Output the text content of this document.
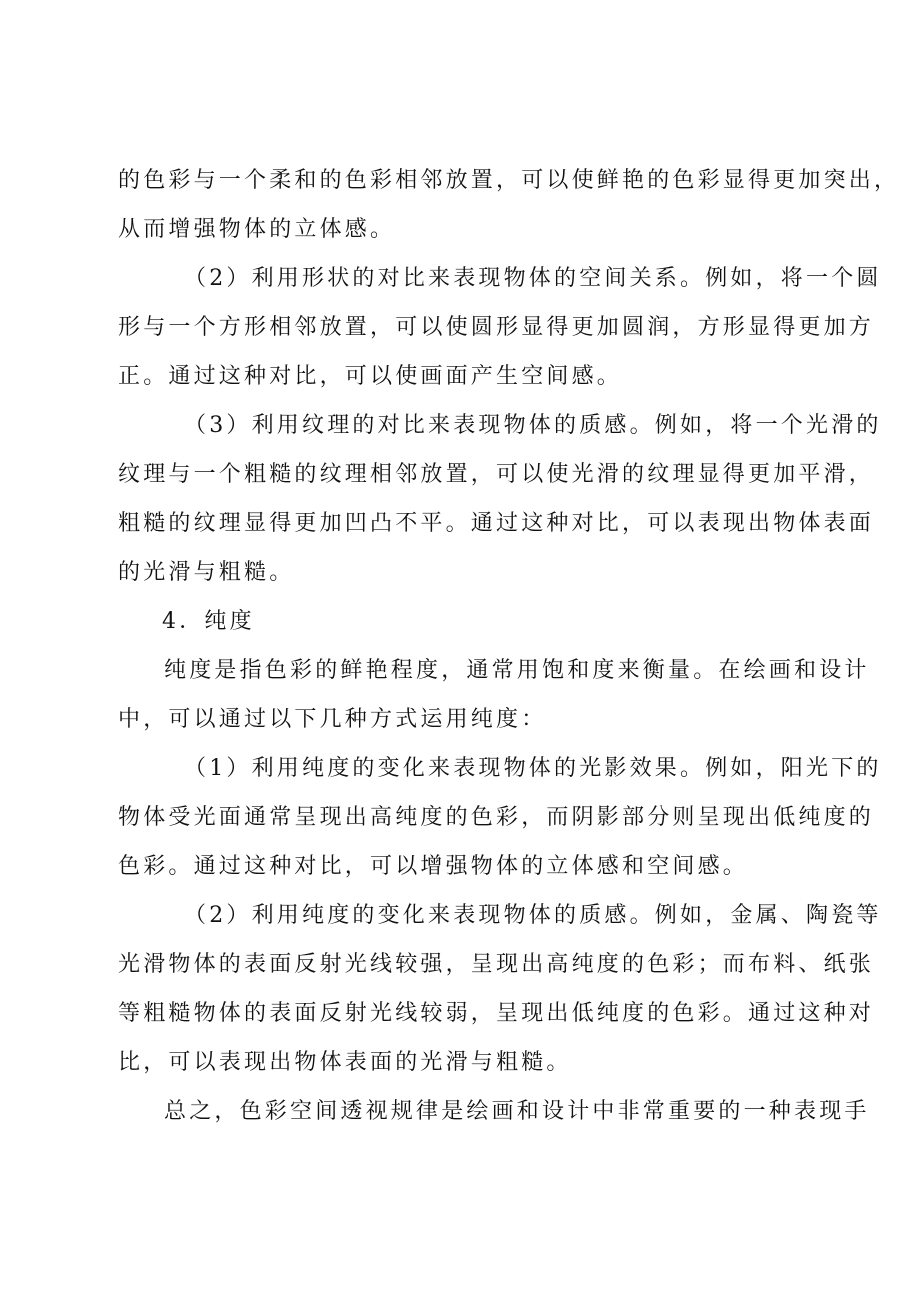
的色彩与一个柔和的色彩相邻放置，可以使鲜艳的色彩显得更加突出，
从而增强物体的立体感。
（2）利用形状的对比来表现物体的空间关系。例如，将一个圆
形与一个方形相邻放置，可以使圆形显得更加圆润，方形显得更加方
正。通过这种对比，可以使画面产生空间感。
（3）利用纹理的对比来表现物体的质感。例如，将一个光滑的
纹理与一个粗糙的纹理相邻放置，可以使光滑的纹理显得更加平滑，
粗糙的纹理显得更加凹凸不平。通过这种对比，可以表现出物体表面
的光滑与粗糙。
4．纯度
纯度是指色彩的鲜艳程度，通常用饱和度来衡量。在绘画和设计
中，可以通过以下几种方式运用纯度：
（1）利用纯度的变化来表现物体的光影效果。例如，阳光下的
物体受光面通常呈现出高纯度的色彩，而阴影部分则呈现出低纯度的
色彩。通过这种对比，可以增强物体的立体感和空间感。
（2）利用纯度的变化来表现物体的质感。例如，金属、陶瓷等
光滑物体的表面反射光线较强，呈现出高纯度的色彩；而布料、纸张
等粗糙物体的表面反射光线较弱，呈现出低纯度的色彩。通过这种对
比，可以表现出物体表面的光滑与粗糙。
总之，色彩空间透视规律是绘画和设计中非常重要的一种表现手
